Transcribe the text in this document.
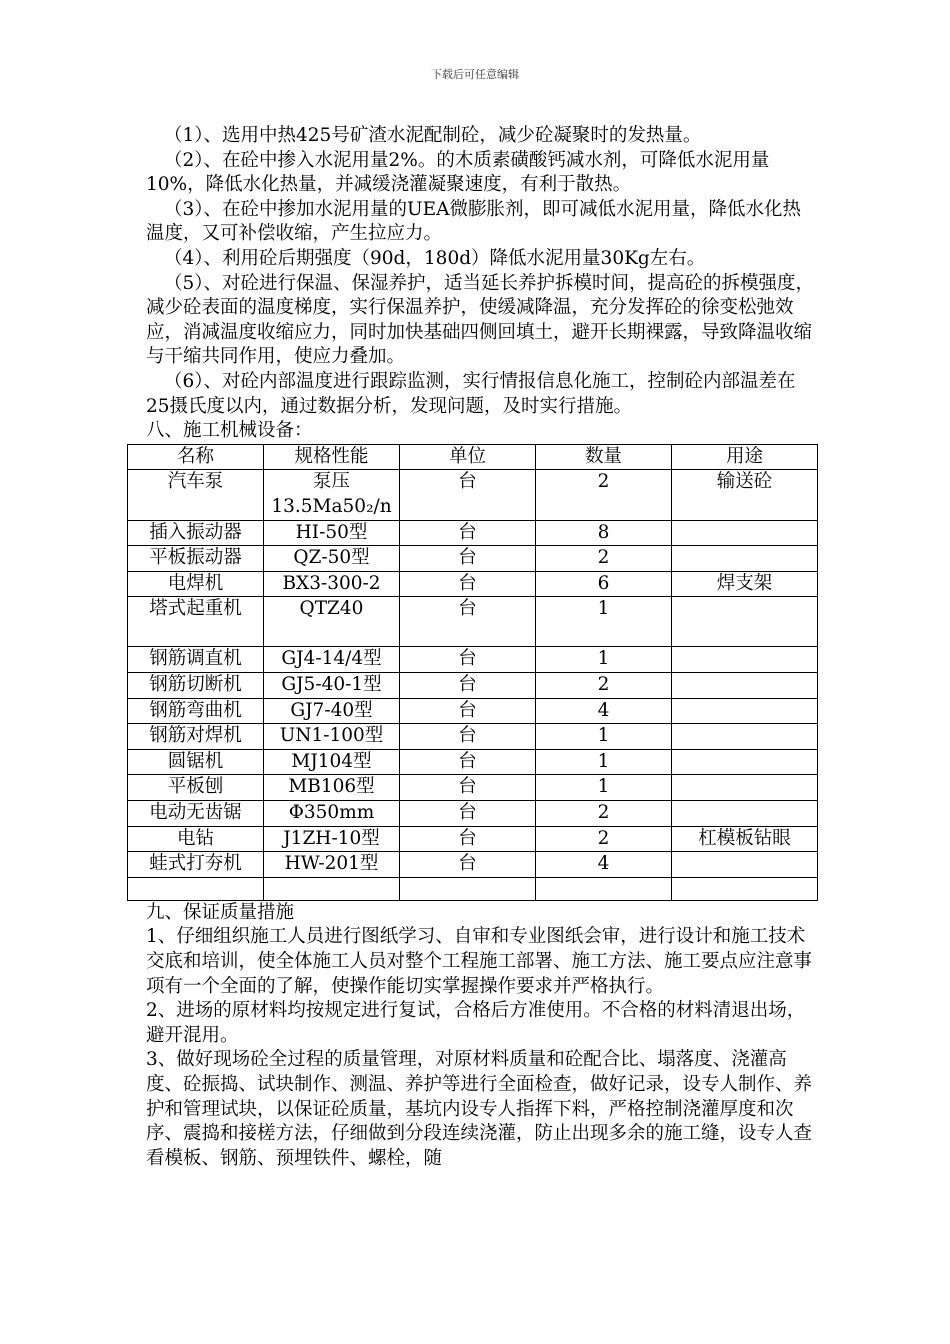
下载后可任意编辑

（1）、选用中热425号矿渣水泥配制砼，减少砼凝聚时的发热量。

（2）、在砼中掺入水泥用量2%。的木质素磺酸钙减水剂，可降低水泥用量10%，降低水化热量，并减缓浇灌凝聚速度，有利于散热。

（3）、在砼中掺加水泥用量的UEA微膨胀剂，即可减低水泥用量，降低水化热温度，又可补偿收缩，产生拉应力。

（4）、利用砼后期强度（90d，180d）降低水泥用量30Kg左右。

（5）、对砼进行保温、保湿养护，适当延长养护拆模时间，提高砼的拆模强度，减少砼表面的温度梯度，实行保温养护，使缓减降温，充分发挥砼的徐变松弛效应，消减温度收缩应力，同时加快基础四侧回填土，避开长期裸露，导致降温收缩与干缩共同作用，使应力叠加。

（6）、对砼内部温度进行跟踪监测，实行情报信息化施工，控制砼内部温差在25摄氏度以内，通过数据分析，发现问题，及时实行措施。

八、施工机械设备：

名称	规格性能	单位	数量	用途
汽车泵	泵压13.5Ma50₂/n	台	2	输送砼
插入振动器	HI-50型	台	8	
平板振动器	QZ-50型	台	2	
电焊机	BX3-300-2	台	6	焊支架
塔式起重机	QTZ40	台	1	
钢筋调直机	GJ4-14/4型	台	1	
钢筋切断机	GJ5-40-1型	台	2	
钢筋弯曲机	GJ7-40型	台	4	
钢筋对焊机	UN1-100型	台	1	
圆锯机	MJ104型	台	1	
平板刨	MB106型	台	1	
电动无齿锯	Φ350mm	台	2	
电钻	J1ZH-10型	台	2	杠模板钻眼
蛙式打夯机	HW-201型	台	4	

九、保证质量措施

1、仔细组织施工人员进行图纸学习、自审和专业图纸会审，进行设计和施工技术交底和培训，使全体施工人员对整个工程施工部署、施工方法、施工要点应注意事项有一个全面的了解，使操作能切实掌握操作要求并严格执行。

2、进场的原材料均按规定进行复试，合格后方准使用。不合格的材料清退出场，避开混用。

3、做好现场砼全过程的质量管理，对原材料质量和砼配合比、塌落度、浇灌高度、砼振捣、试块制作、测温、养护等进行全面检查，做好记录，设专人制作、养护和管理试块，以保证砼质量，基坑内设专人指挥下料，严格控制浇灌厚度和次序、震捣和接槎方法，仔细做到分段连续浇灌，防止出现多余的施工缝，设专人查看模板、钢筋、预埋铁件、螺栓，随
